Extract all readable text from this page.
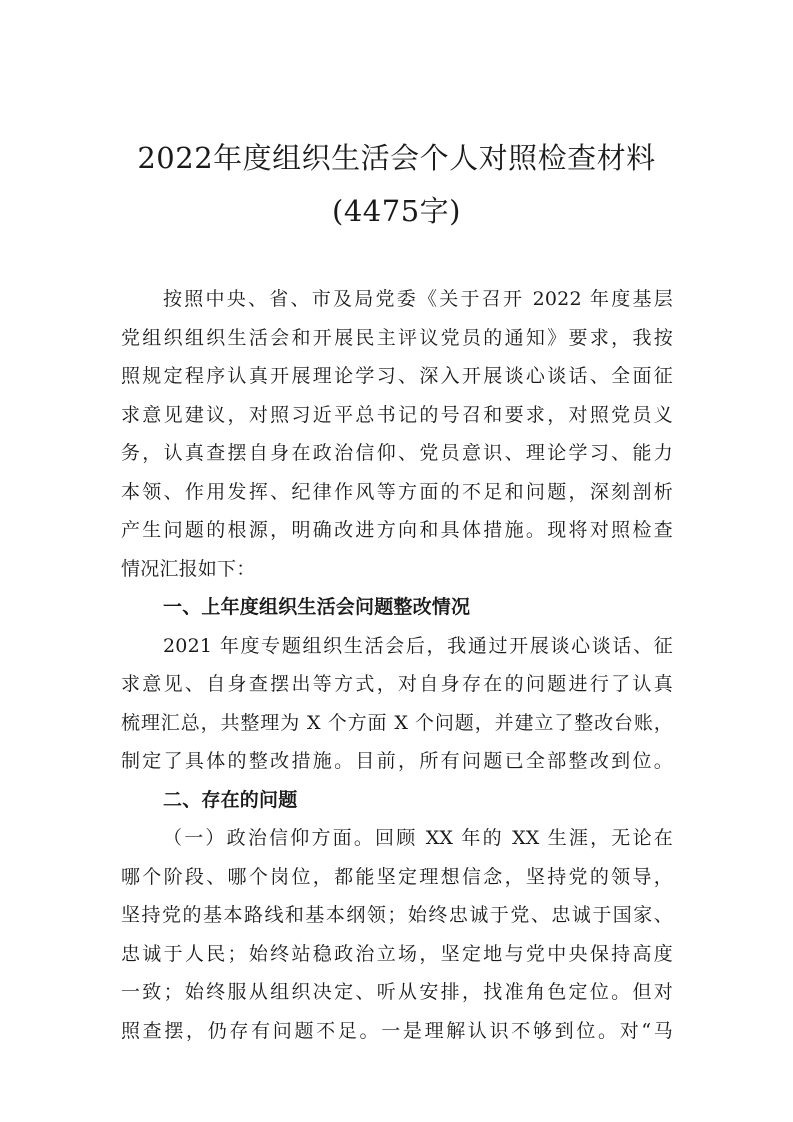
2022年度组织生活会个人对照检查材料
(4475字)
按照中央、省、市及局党委《关于召开 2022 年度基层
党组织组织生活会和开展民主评议党员的通知》要求，我按
照规定程序认真开展理论学习、深入开展谈心谈话、全面征
求意见建议，对照习近平总书记的号召和要求，对照党员义
务，认真查摆自身在政治信仰、党员意识、理论学习、能力
本领、作用发挥、纪律作风等方面的不足和问题，深刻剖析
产生问题的根源，明确改进方向和具体措施。现将对照检查
情况汇报如下：
一、上年度组织生活会问题整改情况
2021 年度专题组织生活会后，我通过开展谈心谈话、征
求意见、自身查摆出等方式，对自身存在的问题进行了认真
梳理汇总，共整理为 X 个方面 X 个问题，并建立了整改台账，
制定了具体的整改措施。目前，所有问题已全部整改到位。
二、存在的问题
（一）政治信仰方面。回顾 XX 年的 XX 生涯，无论在
哪个阶段、哪个岗位，都能坚定理想信念，坚持党的领导，
坚持党的基本路线和基本纲领；始终忠诚于党、忠诚于国家、
忠诚于人民；始终站稳政治立场，坚定地与党中央保持高度
一致；始终服从组织决定、听从安排，找准角色定位。但对
照查摆，仍存有问题不足。一是理解认识不够到位。对“马
